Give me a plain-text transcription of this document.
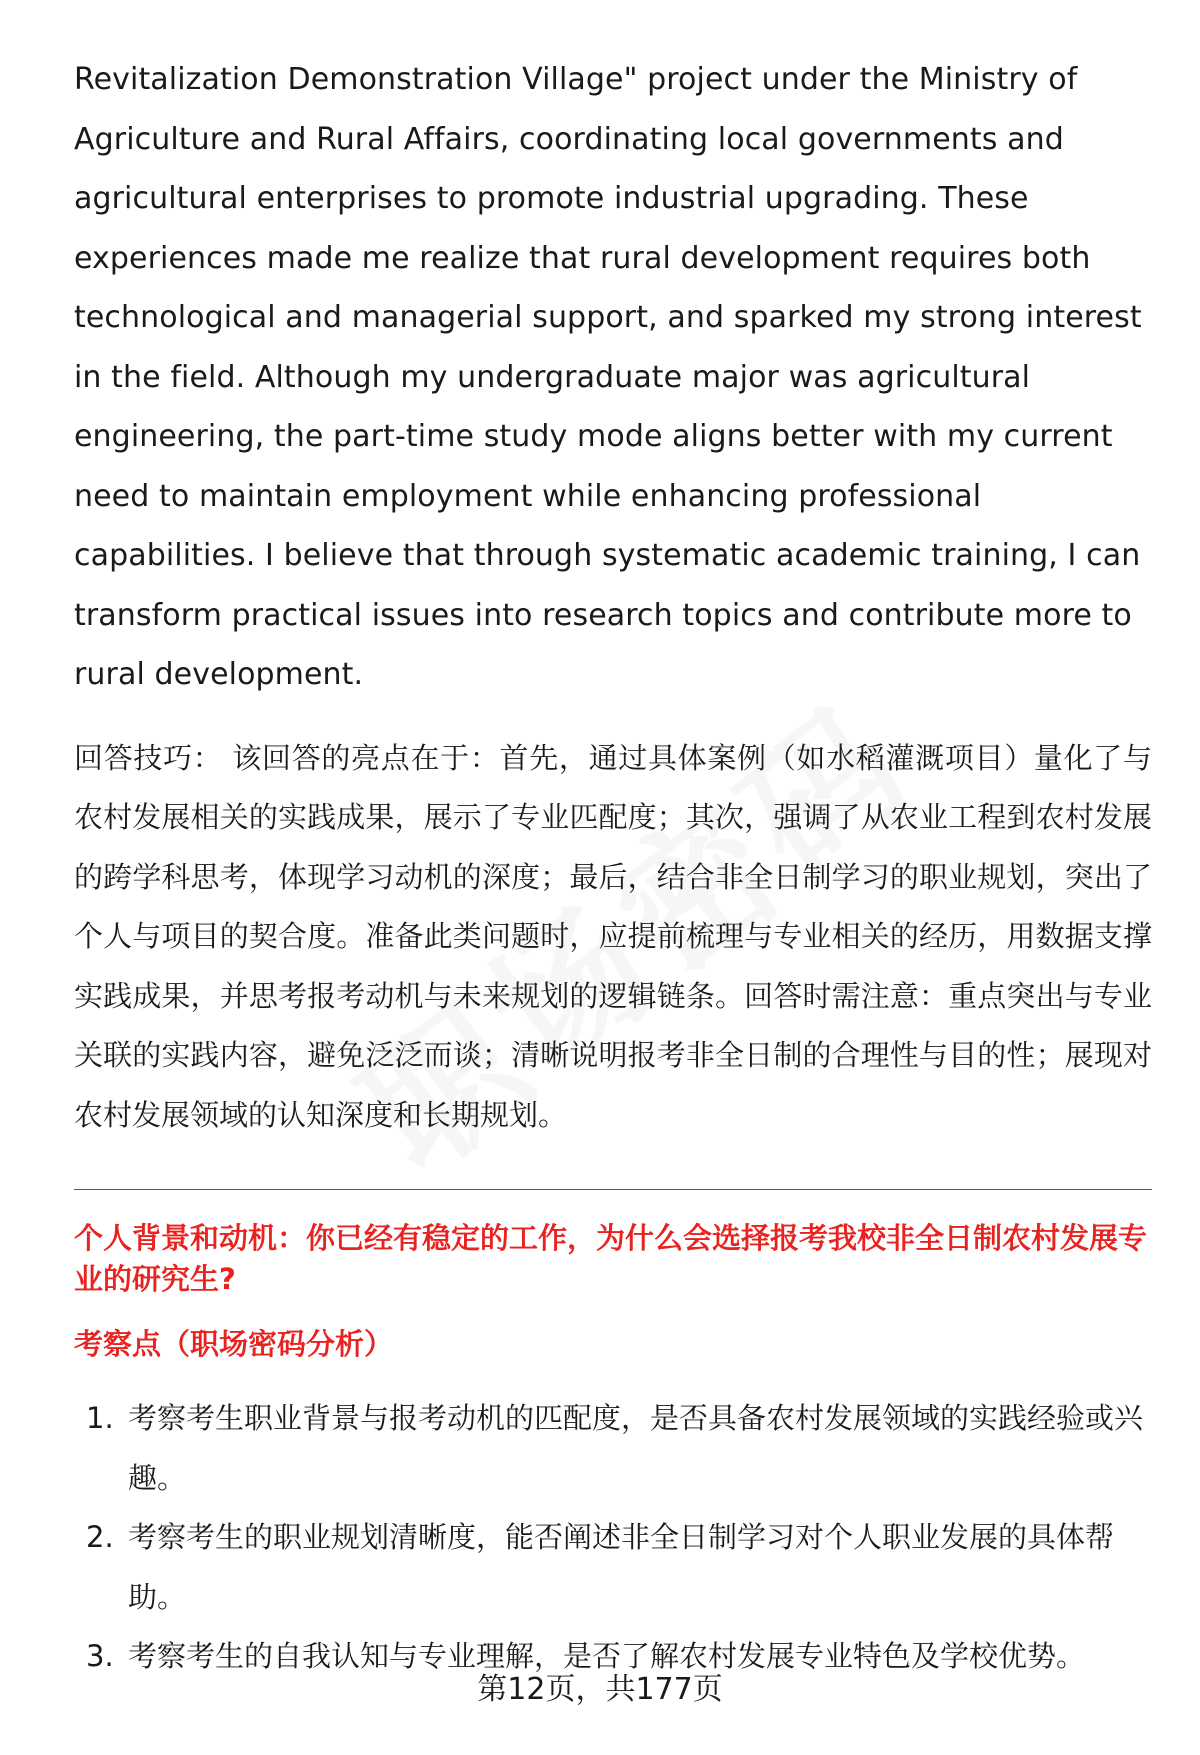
Revitalization Demonstration Village" project under the Ministry of Agriculture and Rural Affairs, coordinating local governments and agricultural enterprises to promote industrial upgrading. These experiences made me realize that rural development requires both technological and managerial support, and sparked my strong interest in the field. Although my undergraduate major was agricultural engineering, the part-time study mode aligns better with my current need to maintain employment while enhancing professional capabilities. I believe that through systematic academic training, I can transform practical issues into research topics and contribute more to rural development.

回答技巧： 该回答的亮点在于：首先，通过具体案例（如水稻灌溉项目）量化了与农村发展相关的实践成果，展示了专业匹配度；其次，强调了从农业工程到农村发展的跨学科思考，体现学习动机的深度；最后，结合非全日制学习的职业规划，突出了个人与项目的契合度。准备此类问题时，应提前梳理与专业相关的经历，用数据支撑实践成果，并思考报考动机与未来规划的逻辑链条。回答时需注意：重点突出与专业关联的实践内容，避免泛泛而谈；清晰说明报考非全日制的合理性与目的性；展现对农村发展领域的认知深度和长期规划。

个人背景和动机：你已经有稳定的工作，为什么会选择报考我校非全日制农村发展专业的研究生?
考察点（职场密码分析）
1. 考察考生职业背景与报考动机的匹配度，是否具备农村发展领域的实践经验或兴趣。
2. 考察考生的职业规划清晰度，能否阐述非全日制学习对个人职业发展的具体帮助。
3. 考察考生的自我认知与专业理解，是否了解农村发展专业特色及学校优势。
第12页，共177页
